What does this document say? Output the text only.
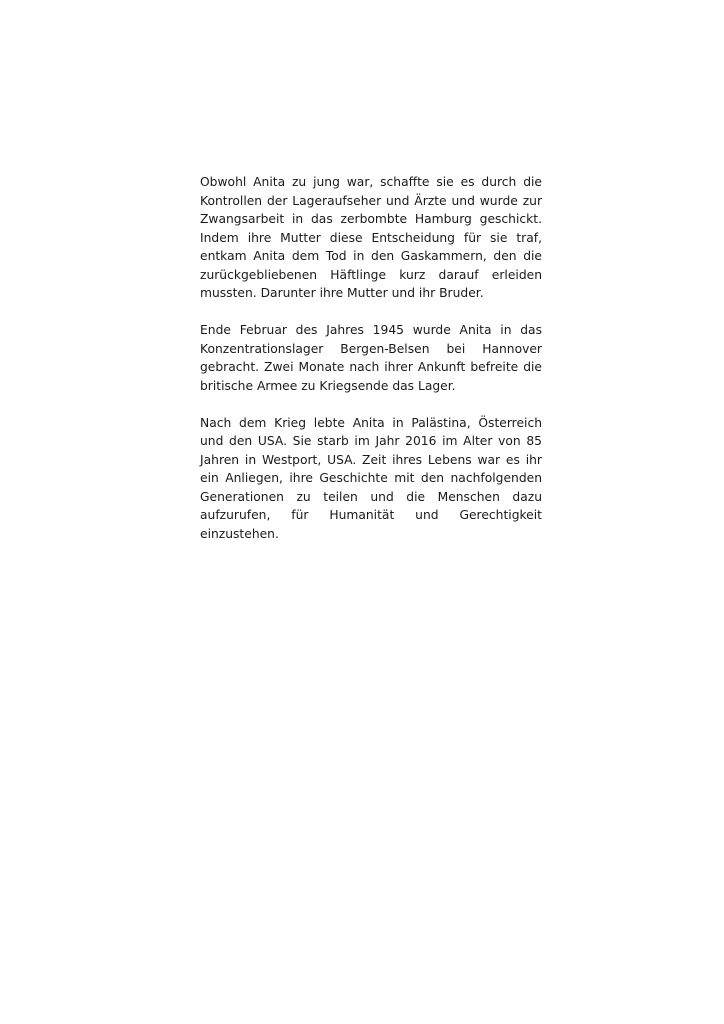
Obwohl Anita zu jung war, schaffte sie es durch die Kontrollen der Lageraufseher und Ärzte und wurde zur Zwangsarbeit in das zerbombte Hamburg geschickt. Indem ihre Mutter diese Entscheidung für sie traf, entkam Anita dem Tod in den Gaskammern, den die zurückgebliebenen Häftlinge kurz darauf erleiden mussten. Darunter ihre Mutter und ihr Bruder.

Ende Februar des Jahres 1945 wurde Anita in das Konzentrationslager Bergen-Belsen bei Hannover gebracht. Zwei Monate nach ihrer Ankunft befreite die britische Armee zu Kriegsende das Lager.

Nach dem Krieg lebte Anita in Palästina, Österreich und den USA. Sie starb im Jahr 2016 im Alter von 85 Jahren in Westport, USA. Zeit ihres Lebens war es ihr ein Anliegen, ihre Geschichte mit den nachfolgenden Generationen zu teilen und die Menschen dazu aufzurufen, für Humanität und Gerechtigkeit einzustehen.
